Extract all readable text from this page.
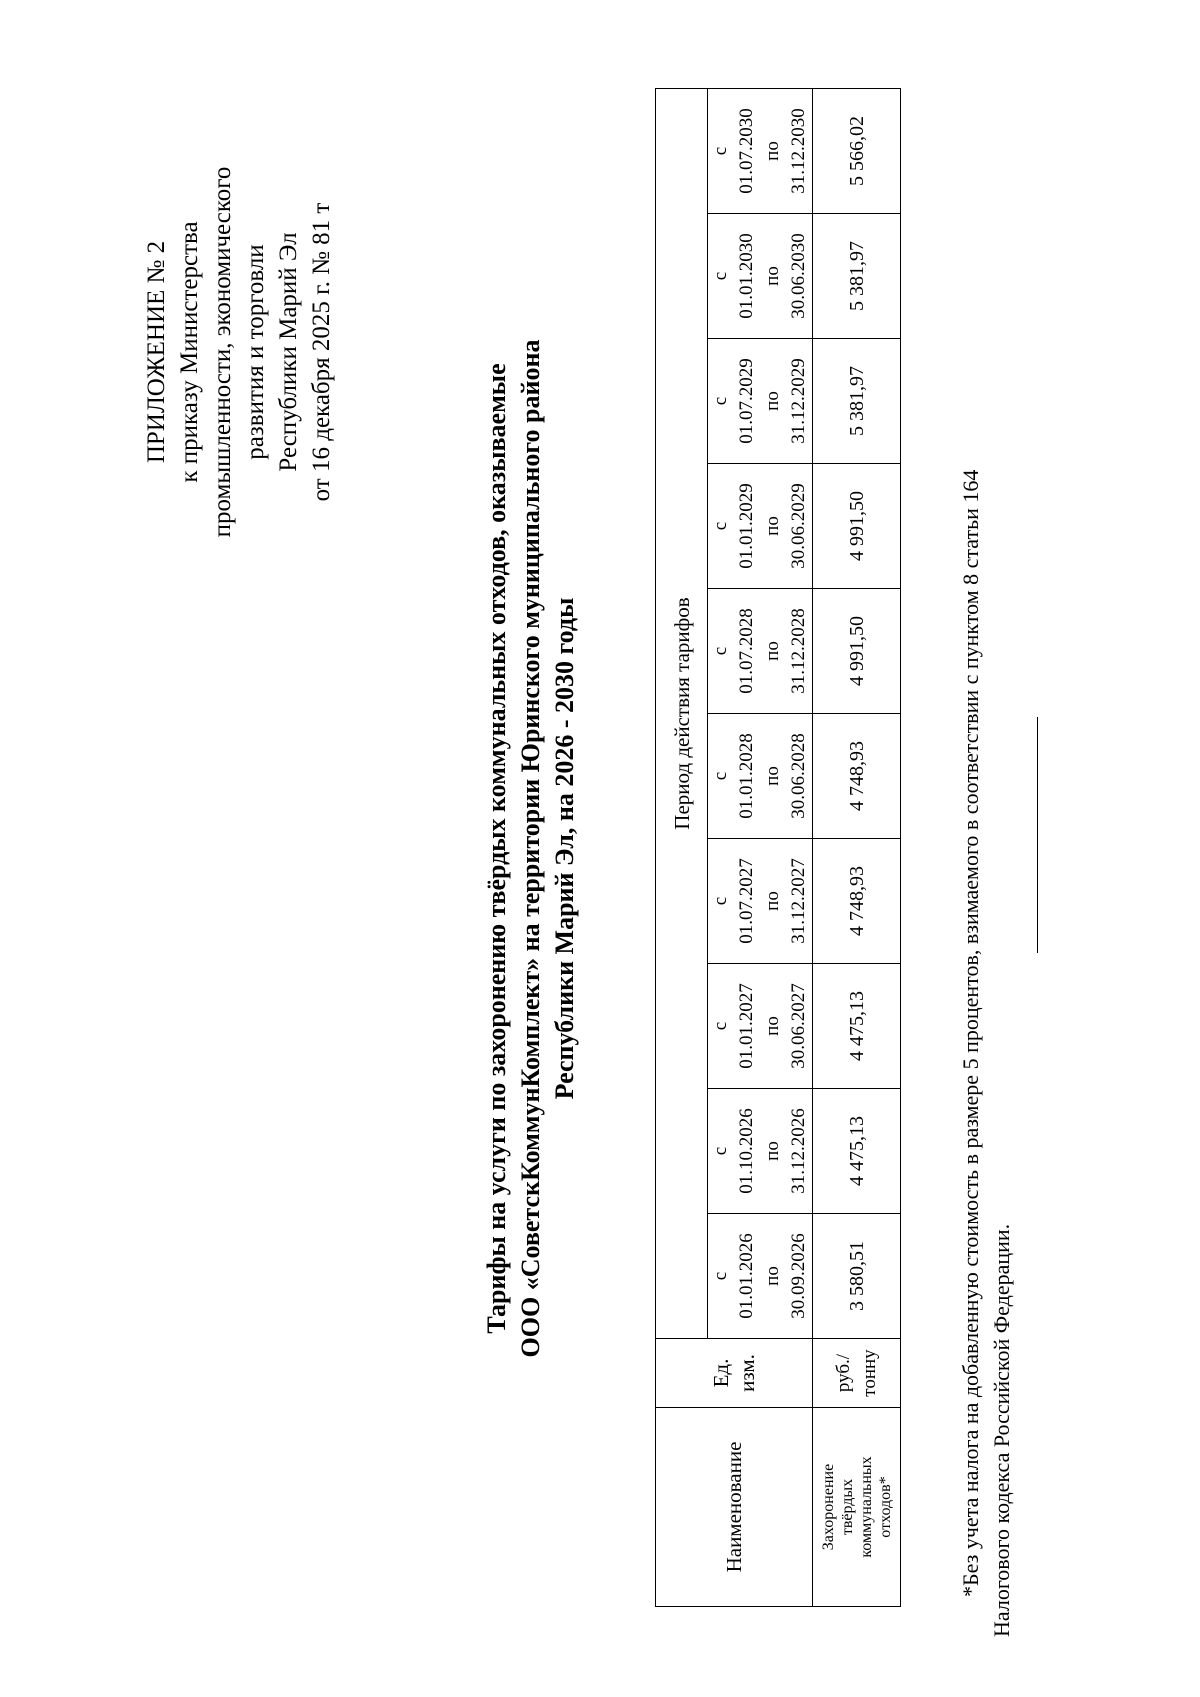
ПРИЛОЖЕНИЕ № 2 к приказу Министерства промышленности, экономического развития и торговли Республики Марий Эл от 16 декабря 2025 г. № 81 т
Тарифы на услуги по захоронению твёрдых коммунальных отходов, оказываемые ООО «СоветскКоммунКомплект» на территории Юринского муниципального района Республики Марий Эл, на 2026 - 2030 годы
Наименование	Ед. изм.	Период действия тарифов									

		с 01.01.2026 по 30.09.2026	с 01.10.2026 по 31.12.2026	с 01.01.2027 по 30.06.2027	с 01.07.2027 по 31.12.2027	с 01.01.2028 по 30.06.2028	с 01.07.2028 по 31.12.2028	с 01.01.2029 по 30.06.2029	с 01.07.2029 по 31.12.2029	с 01.01.2030 по 30.06.2030	с 01.07.2030 по 31.12.2030

Захоронение твёрдых коммунальных отходов*	руб./ тонну	3 580,51	4 475,13	4 475,13	4 748,93	4 748,93	4 991,50	4 991,50	5 381,97	5 381,97	5 566,02
*Без учета налога на добавленную стоимость в размере 5 процентов, взимаемого в соответствии с пунктом 8 статьи 164 Налогового кодекса Российской Федерации.
